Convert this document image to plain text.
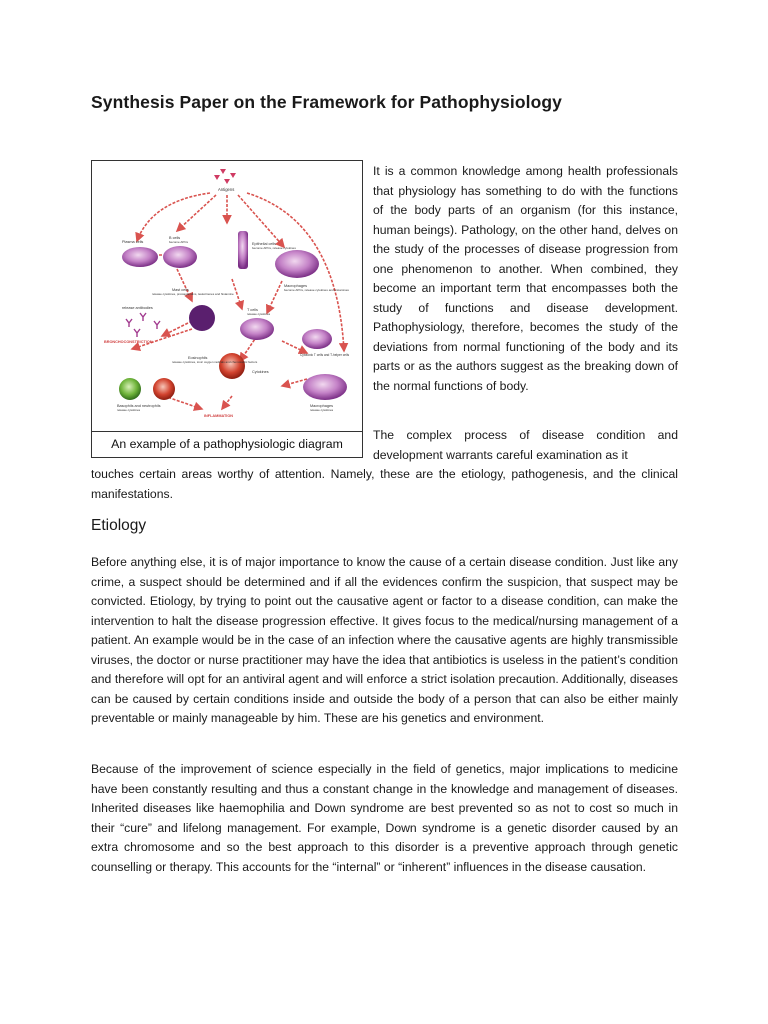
Synthesis Paper on the Framework for Pathophysiology
Antigens
Plasma cells
B cells
become APCs	Epithelial cells
become APCs, release cytokines
Macrophages
become APCs, release cytokines and histamines
Mast cells
release cytokines, prostaglandins, leukotrienes and histamine
release antibodies	T cells
release cytokines
BRONCHOCONSTRICTION
Cytotoxic T cells and T-helper cells
Eosinophils
release cytokines, toxic oxygen radicals and chemotactic factors
Cytokines
Basophils and neutrophils
release cytokines
INFLAMMATION
Macrophages
release cytokines
An example of a pathophysiologic diagram

It is a common knowledge among health professionals that physiology has something to do with the functions of the body parts of an organism (for this instance, human beings). Pathology, on the other hand, delves on the study of the processes of disease progression from one phenomenon to another. When combined, they become an important term that encompasses both the study of functions and disease development. Pathophysiology, therefore, becomes the study of the deviations from normal functioning of the body and its parts or as the authors suggest as the breaking down of the normal functions of body.

The complex process of disease condition and development warrants careful examination as it

touches certain areas worthy of attention. Namely, these are the etiology, pathogenesis, and the clinical manifestations.

Etiology

Before anything else, it is of major importance to know the cause of a certain disease condition. Just like any crime, a suspect should be determined and if all the evidences confirm the suspicion, that suspect may be convicted. Etiology, by trying to point out the causative agent or factor to a disease condition, can make the intervention to halt the disease progression effective. It gives focus to the medical/nursing management of a patient. An example would be in the case of an infection where the causative agents are highly transmissible viruses, the doctor or nurse practitioner may have the idea that antibiotics is useless in the patient’s condition and therefore will opt for an antiviral agent and will enforce a strict isolation precaution. Additionally, diseases can be caused by certain conditions inside and outside the body of a person that can also be either mainly preventable or mainly manageable by him. These are his genetics and environment.

Because of the improvement of science especially in the field of genetics, major implications to medicine have been constantly resulting and thus a constant change in the knowledge and management of diseases. Inherited diseases like haemophilia and Down syndrome are best prevented so as not to cost so much in their “cure” and lifelong management. For example, Down syndrome is a genetic disorder caused by an extra chromosome and so the best approach to this disorder is a preventive approach through genetic counselling or therapy. This accounts for the “internal” or “inherent” influences in the disease causation.
